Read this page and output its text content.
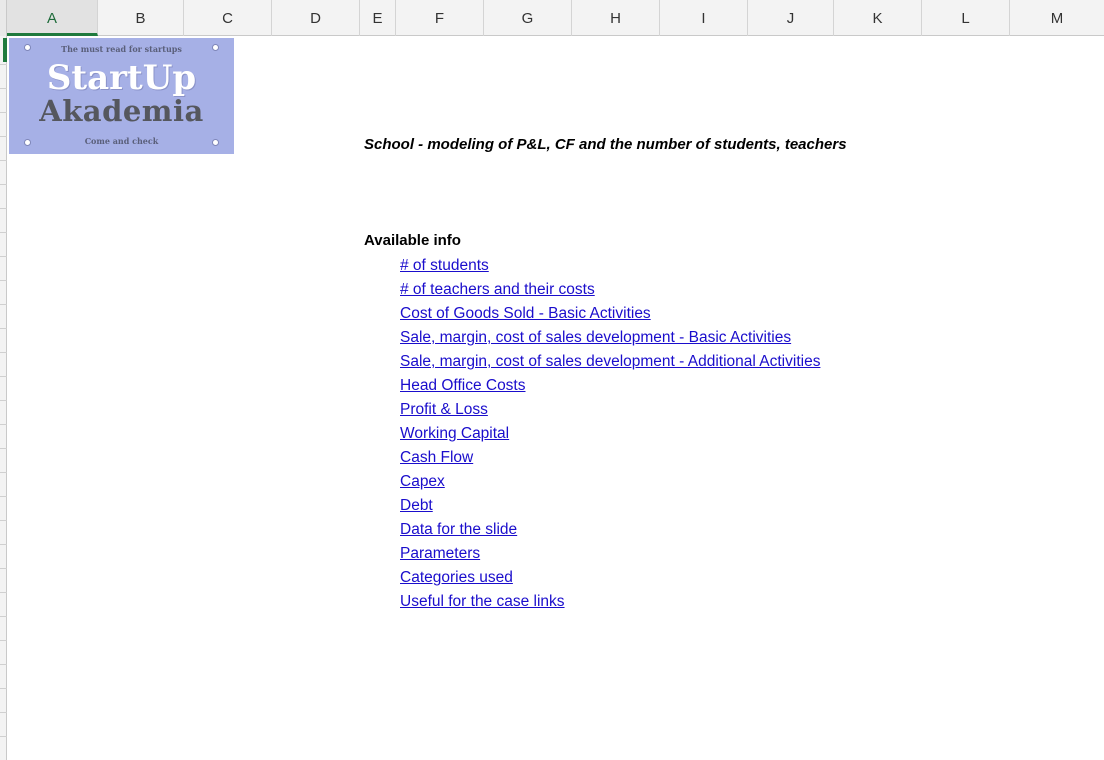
A	B	C	D	E	F	G	H	I	J	K	L	M
The must read for startups
StartUp
Akademia
Come and check	School - modeling of P&L, CF and the number of students, teachers
Available info
# of students
# of teachers and their costs
Cost of Goods Sold - Basic Activities
Sale, margin, cost of sales development - Basic Activities
Sale, margin, cost of sales development - Additional Activities
Head Office Costs
Profit & Loss
Working Capital
Cash Flow
Capex
Debt
Data for the slide
Parameters
Categories used
Useful for the case links
